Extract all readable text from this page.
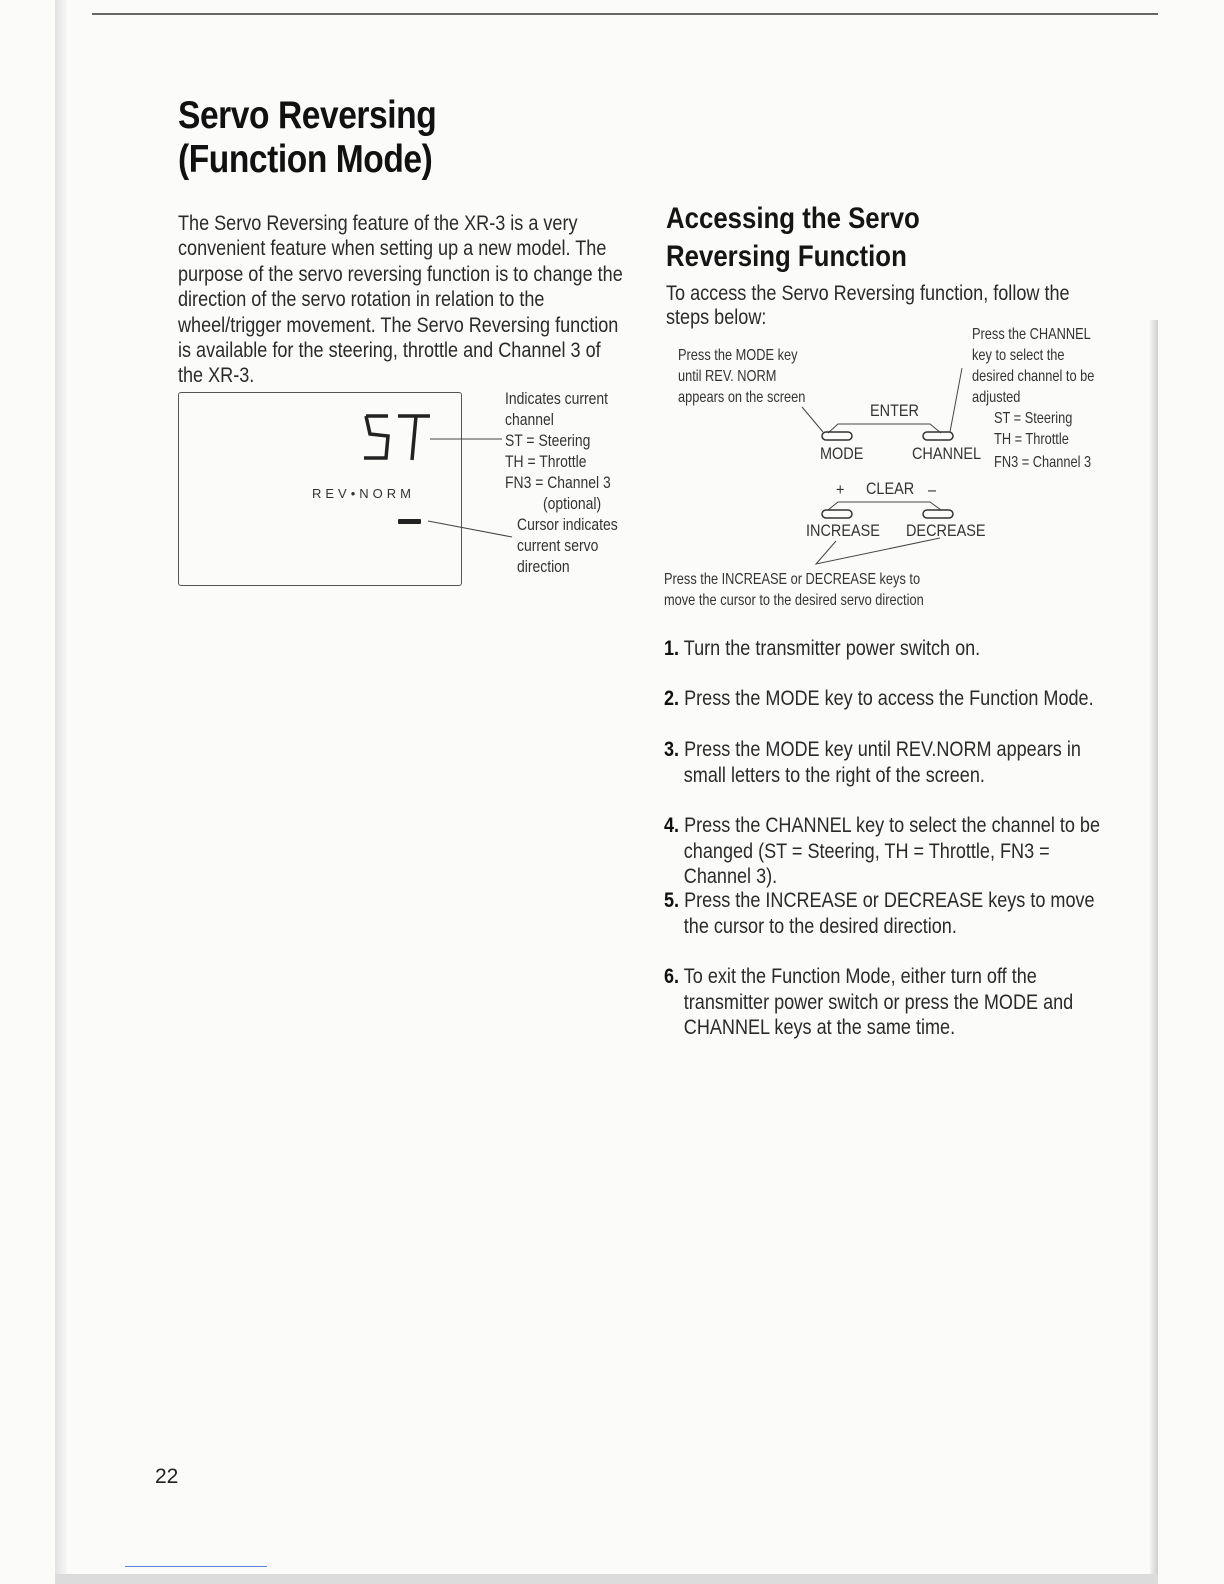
Servo Reversing
(Function Mode)

The Servo Reversing feature of the XR-3 is a very convenient feature when setting up a new model. The purpose of the servo reversing function is to change the direction of the servo rotation in relation to the wheel/trigger movement. The Servo Reversing function is available for the steering, throttle and Channel 3 of the XR-3.

REV•NORM
Indicates current
channel
ST = Steering
TH = Throttle
FN3 = Channel 3
(optional)
Cursor indicates
current servo
direction
Accessing the Servo
Reversing Function

To access the Servo Reversing function, follow the steps below:

Press the MODE key
until REV. NORM
appears on the screen
Press the CHANNEL
key to select the
desired channel to be
adjusted
ST = Steering
TH = Throttle
FN3 = Channel 3
ENTER
MODE	CHANNEL
+ CLEAR –
INCREASE DECREASE
Press the INCREASE or DECREASE keys to
move the cursor to the desired servo direction

1. Turn the transmitter power switch on.

2. Press the MODE key to access the Function Mode.

3. Press the MODE key until REV.NORM appears in small letters to the right of the screen.

4. Press the CHANNEL key to select the channel to be changed (ST = Steering, TH = Throttle, FN3 = Channel 3).

5. Press the INCREASE or DECREASE keys to move the cursor to the desired direction.

6. To exit the Function Mode, either turn off the transmitter power switch or press the MODE and CHANNEL keys at the same time.

22
